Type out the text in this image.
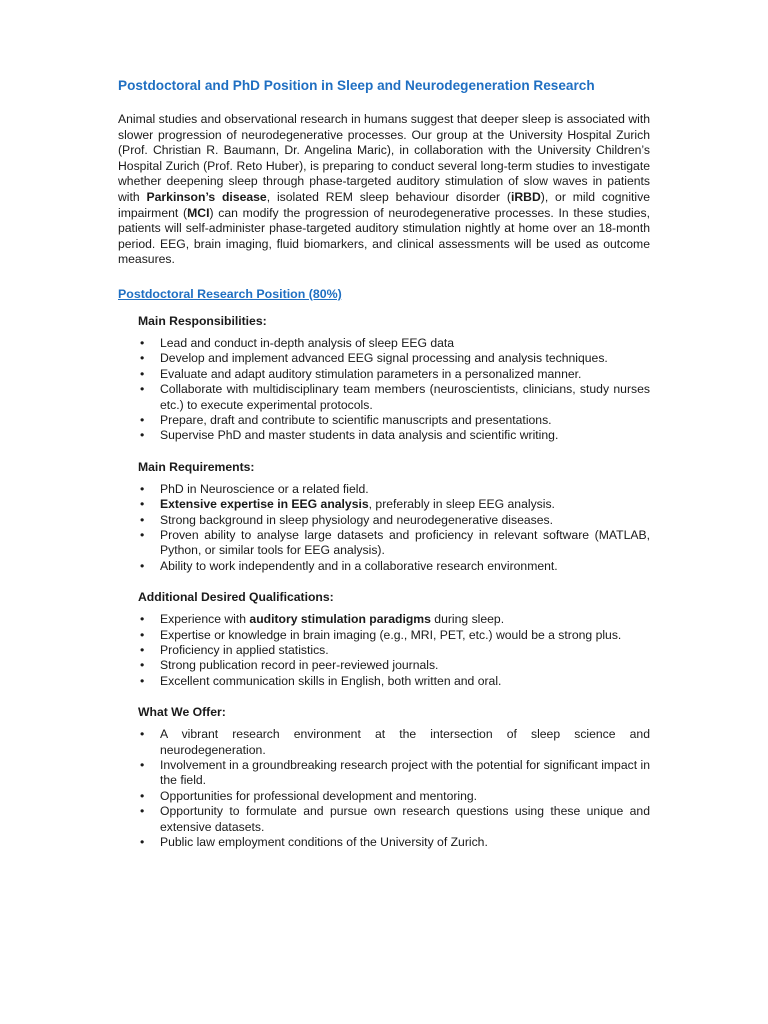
Postdoctoral and PhD Position in Sleep and Neurodegeneration Research

Animal studies and observational research in humans suggest that deeper sleep is associated with slower progression of neurodegenerative processes. Our group at the University Hospital Zurich (Prof. Christian R. Baumann, Dr. Angelina Maric), in collaboration with the University Children’s Hospital Zurich (Prof. Reto Huber), is preparing to conduct several long-term studies to investigate whether deepening sleep through phase-targeted auditory stimulation of slow waves in patients with Parkinson’s disease, isolated REM sleep behaviour disorder (iRBD), or mild cognitive impairment (MCI) can modify the progression of neurodegenerative processes. In these studies, patients will self-administer phase-targeted auditory stimulation nightly at home over an 18-month period. EEG, brain imaging, fluid biomarkers, and clinical assessments will be used as outcome measures.

Postdoctoral Research Position (80%)
Main Responsibilities:
• Lead and conduct in-depth analysis of sleep EEG data
• Develop and implement advanced EEG signal processing and analysis techniques.
• Evaluate and adapt auditory stimulation parameters in a personalized manner.
• Collaborate with multidisciplinary team members (neuroscientists, clinicians, study nurses etc.) to execute experimental protocols.
• Prepare, draft and contribute to scientific manuscripts and presentations.
• Supervise PhD and master students in data analysis and scientific writing.
Main Requirements:
• PhD in Neuroscience or a related field.
• Extensive expertise in EEG analysis, preferably in sleep EEG analysis.
• Strong background in sleep physiology and neurodegenerative diseases.
• Proven ability to analyse large datasets and proficiency in relevant software (MATLAB, Python, or similar tools for EEG analysis).
• Ability to work independently and in a collaborative research environment.
Additional Desired Qualifications:
• Experience with auditory stimulation paradigms during sleep.
• Expertise or knowledge in brain imaging (e.g., MRI, PET, etc.) would be a strong plus.
• Proficiency in applied statistics.
• Strong publication record in peer-reviewed journals.
• Excellent communication skills in English, both written and oral.
What We Offer:
• A vibrant research environment at the intersection of sleep science and neurodegeneration.
• Involvement in a groundbreaking research project with the potential for significant impact in the field.
• Opportunities for professional development and mentoring.
• Opportunity to formulate and pursue own research questions using these unique and extensive datasets.
• Public law employment conditions of the University of Zurich.
